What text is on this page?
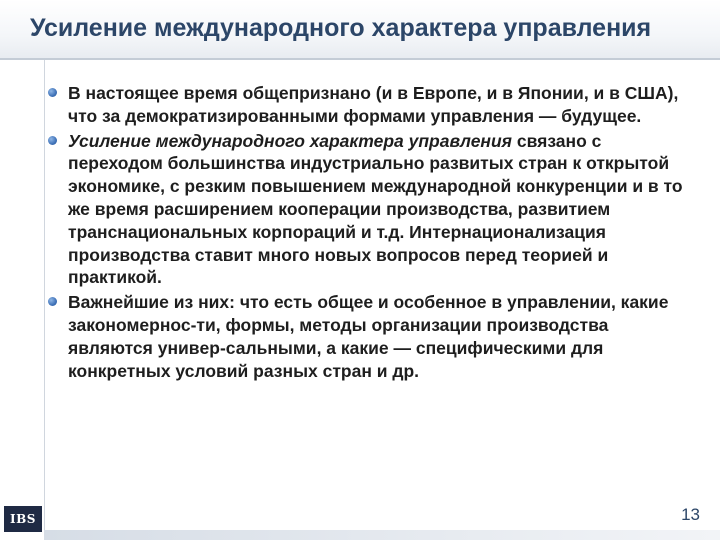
Усиление международного характера управления
В настоящее время общепризнано (и в Европе, и в Японии, и в США), что за демократизированными формами управления — будущее.
Усиление международного характера управления связано с переходом большинства индустриально развитых стран к открытой экономике, с резким повышением международной конкуренции и в то же время расширением кооперации производства, развитием транснациональных корпораций и т.д. Интернационализация производства ставит много новых вопросов перед теорией и практикой.
Важнейшие из них: что есть общее и особенное в управлении, какие закономернос-ти, формы, методы организации производства являются унивep-сальными, а какие — специфическими для конкретных условий разных стран и др.
IBS	13
